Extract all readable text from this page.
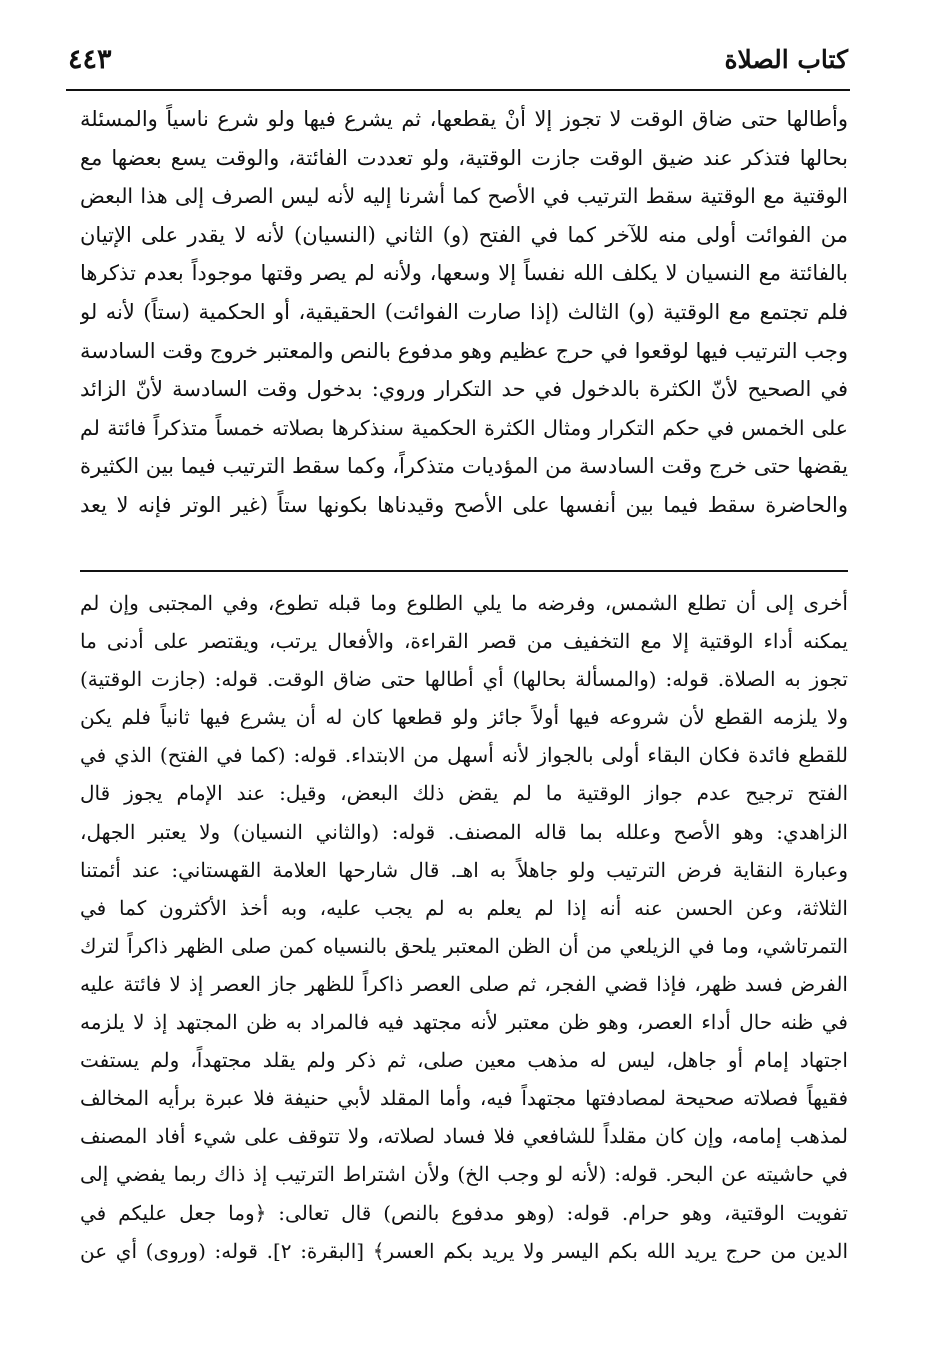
كتاب الصلاة
٤٤٣
وأطالها حتى ضاق الوقت لا تجوز إلا أنْ يقطعها، ثم يشرع فيها ولو شرع ناسياً والمسئلة
بحالها فتذكر عند ضيق الوقت جازت الوقتية، ولو تعددت الفائتة، والوقت يسع بعضها مع
الوقتية مع الوقتية سقط الترتيب في الأصح كما أشرنا إليه لأنه ليس الصرف إلى هذا البعض
من الفوائت أولى منه للآخر كما في الفتح (و) الثاني (النسيان) لأنه لا يقدر على الإتيان
بالفائتة مع النسيان لا يكلف الله نفساً إلا وسعها، ولأنه لم يصر وقتها موجوداً بعدم تذكرها
فلم تجتمع مع الوقتية (و) الثالث (إذا صارت الفوائت) الحقيقية، أو الحكمية (ستاً) لأنه لو
وجب الترتيب فيها لوقعوا في حرج عظيم وهو مدفوع بالنص والمعتبر خروج وقت السادسة
في الصحيح لأنّ الكثرة بالدخول في حد التكرار وروي: بدخول وقت السادسة لأنّ الزائد
على الخمس في حكم التكرار ومثال الكثرة الحكمية سنذكرها بصلاته خمساً متذكراً فائتة لم
يقضها حتى خرج وقت السادسة من المؤديات متذكراً، وكما سقط الترتيب فيما بين الكثيرة
والحاضرة سقط فيما بين أنفسها على الأصح وقيدناها بكونها ستاً (غير الوتر فإنه لا يعد
أخرى إلى أن تطلع الشمس، وفرضه ما يلي الطلوع وما قبله تطوع، وفي المجتبى وإن لم
يمكنه أداء الوقتية إلا مع التخفيف من قصر القراءة، والأفعال يرتب، ويقتصر على أدنى ما
تجوز به الصلاة. قوله: (والمسألة بحالها) أي أطالها حتى ضاق الوقت. قوله: (جازت الوقتية)
ولا يلزمه القطع لأن شروعه فيها أولاً جائز ولو قطعها كان له أن يشرع فيها ثانياً فلم يكن
للقطع فائدة فكان البقاء أولى بالجواز لأنه أسهل من الابتداء. قوله: (كما في الفتح) الذي في
الفتح ترجيح عدم جواز الوقتية ما لم يقض ذلك البعض، وقيل: عند الإمام يجوز قال
الزاهدي: وهو الأصح وعلله بما قاله المصنف. قوله: (والثاني النسيان) ولا يعتبر الجهل،
وعبارة النقاية فرض الترتيب ولو جاهلاً به اهـ. قال شارحها العلامة القهستاني: عند أئمتنا
الثلاثة، وعن الحسن عنه أنه إذا لم يعلم به لم يجب عليه، وبه أخذ الأكثرون كما في
التمرتاشي، وما في الزيلعي من أن الظن المعتبر يلحق بالنسياه كمن صلى الظهر ذاكراً لترك
الفرض فسد ظهر، فإذا قضي الفجر، ثم صلى العصر ذاكراً للظهر جاز العصر إذ لا فائتة عليه
في ظنه حال أداء العصر، وهو ظن معتبر لأنه مجتهد فيه فالمراد به ظن المجتهد إذ لا يلزمه
اجتهاد إمام أو جاهل، ليس له مذهب معين صلى، ثم ذكر ولم يقلد مجتهداً، ولم يستفت
فقيهاً فصلاته صحيحة لمصادفتها مجتهداً فيه، وأما المقلد لأبي حنيفة فلا عبرة برأيه المخالف
لمذهب إمامه، وإن كان مقلداً للشافعي فلا فساد لصلاته، ولا تتوقف على شيء أفاد المصنف
في حاشيته عن البحر. قوله: (لأنه لو وجب الخ) ولأن اشتراط الترتيب إذ ذاك ربما يفضي إلى
تفويت الوقتية، وهو حرام. قوله: (وهو مدفوع بالنص) قال تعالى: ﴿وما جعل عليكم في
الدين من حرج يريد الله بكم اليسر ولا يريد بكم العسر﴾ [البقرة: ٢]. قوله: (وروى) أي عن
